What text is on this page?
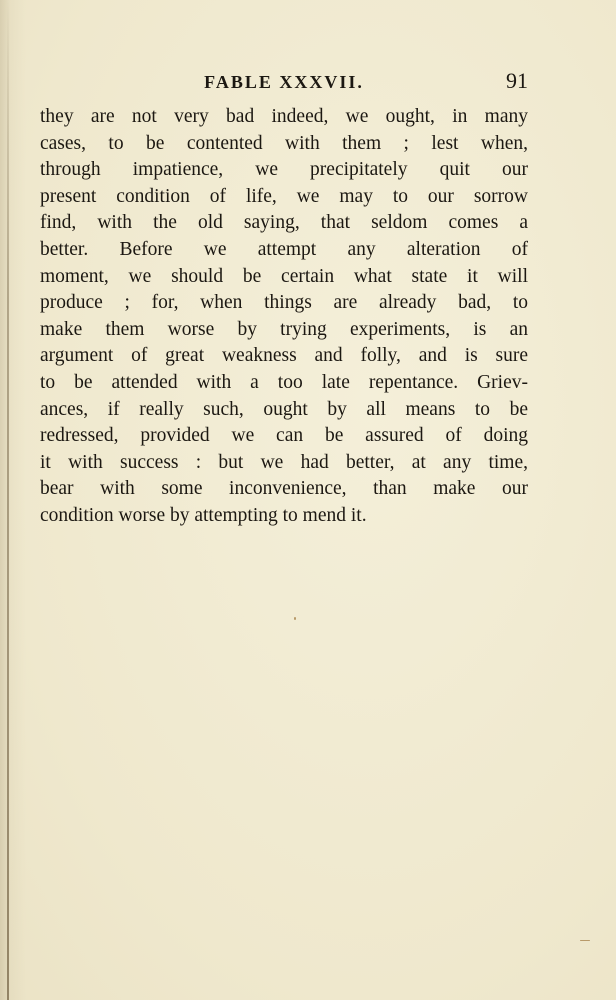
FABLE XXXVII.	91
they are not very bad indeed, we ought, in many
cases, to be contented with them ; lest when,
through impatience, we precipitately quit our
present condition of life, we may to our sorrow
find, with the old saying, that seldom comes a
better. Before we attempt any alteration of
moment, we should be certain what state it will
produce ; for, when things are already bad, to
make them worse by trying experiments, is an
argument of great weakness and folly, and is sure
to be attended with a too late repentance. Griev-
ances, if really such, ought by all means to be
redressed, provided we can be assured of doing
it with success : but we had better, at any time,
bear with some inconvenience, than make our
condition worse by attempting to mend it.
